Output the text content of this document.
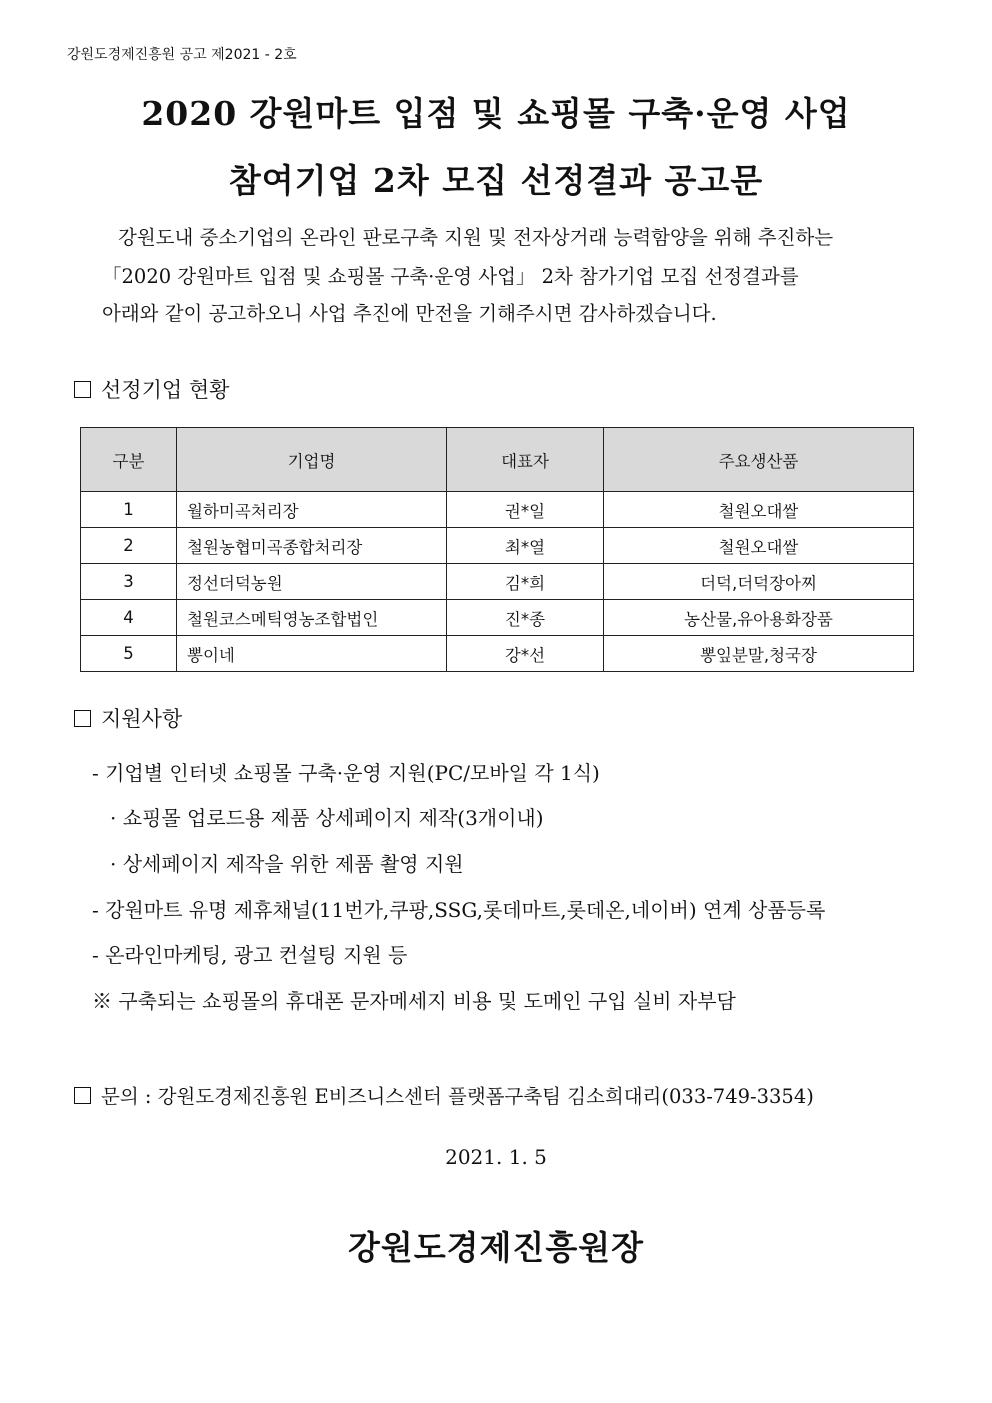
강원도경제진흥원 공고 제2021 - 2호
2020 강원마트 입점 및 쇼핑몰 구축·운영 사업
참여기업 2차 모집 선정결과 공고문
강원도내 중소기업의 온라인 판로구축 지원 및 전자상거래 능력함양을 위해 추진하는
「2020 강원마트 입점 및 쇼핑몰 구축·운영 사업」 2차 참가기업 모집 선정결과를
아래와 같이 공고하오니 사업 추진에 만전을 기해주시면 감사하겠습니다.
선정기업 현황
구분	기업명	대표자	주요생산품
1	월하미곡처리장	권*일	철원오대쌀
2	철원농협미곡종합처리장	최*열	철원오대쌀
3	정선더덕농원	김*희	더덕,더덕장아찌
4	철원코스메틱영농조합법인	진*종	농산물,유아용화장품
5	뽕이네	강*선	뽕잎분말,청국장
지원사항
- 기업별 인터넷 쇼핑몰 구축·운영 지원(PC/모바일 각 1식)
· 쇼핑몰 업로드용 제품 상세페이지 제작(3개이내)
· 상세페이지 제작을 위한 제품 촬영 지원
- 강원마트 유명 제휴채널(11번가,쿠팡,SSG,롯데마트,롯데온,네이버) 연계 상품등록
- 온라인마케팅, 광고 컨설팅 지원 등
※ 구축되는 쇼핑몰의 휴대폰 문자메세지 비용 및 도메인 구입 실비 자부담
문의 : 강원도경제진흥원 E비즈니스센터 플랫폼구축팀 김소희대리(033-749-3354)
2021. 1. 5
강원도경제진흥원장
